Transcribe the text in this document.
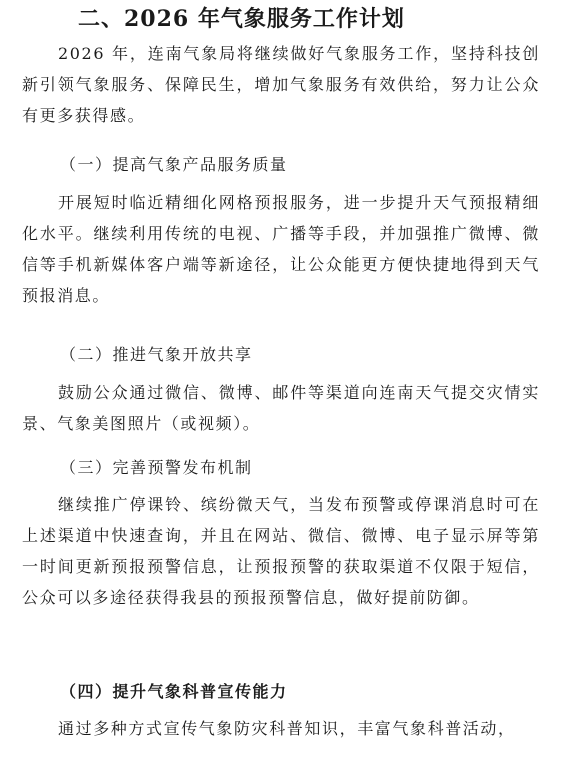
二、2026 年气象服务工作计划

2026 年，连南气象局将继续做好气象服务工作，坚持科技创新引领气象服务、保障民生，增加气象服务有效供给，努力让公众有更多获得感。

（一）提高气象产品服务质量

开展短时临近精细化网格预报服务，进一步提升天气预报精细化水平。继续利用传统的电视、广播等手段，并加强推广微博、微信等手机新媒体客户端等新途径，让公众能更方便快捷地得到天气预报消息。

（二）推进气象开放共享

鼓励公众通过微信、微博、邮件等渠道向连南天气提交灾情实景、气象美图照片（或视频）。

（三）完善预警发布机制

继续推广停课铃、缤纷微天气，当发布预警或停课消息时可在上述渠道中快速查询，并且在网站、微信、微博、电子显示屏等第一时间更新预报预警信息，让预报预警的获取渠道不仅限于短信，公众可以多途径获得我县的预报预警信息，做好提前防御。

（四）提升气象科普宣传能力

通过多种方式宣传气象防灾科普知识，丰富气象科普活动，
